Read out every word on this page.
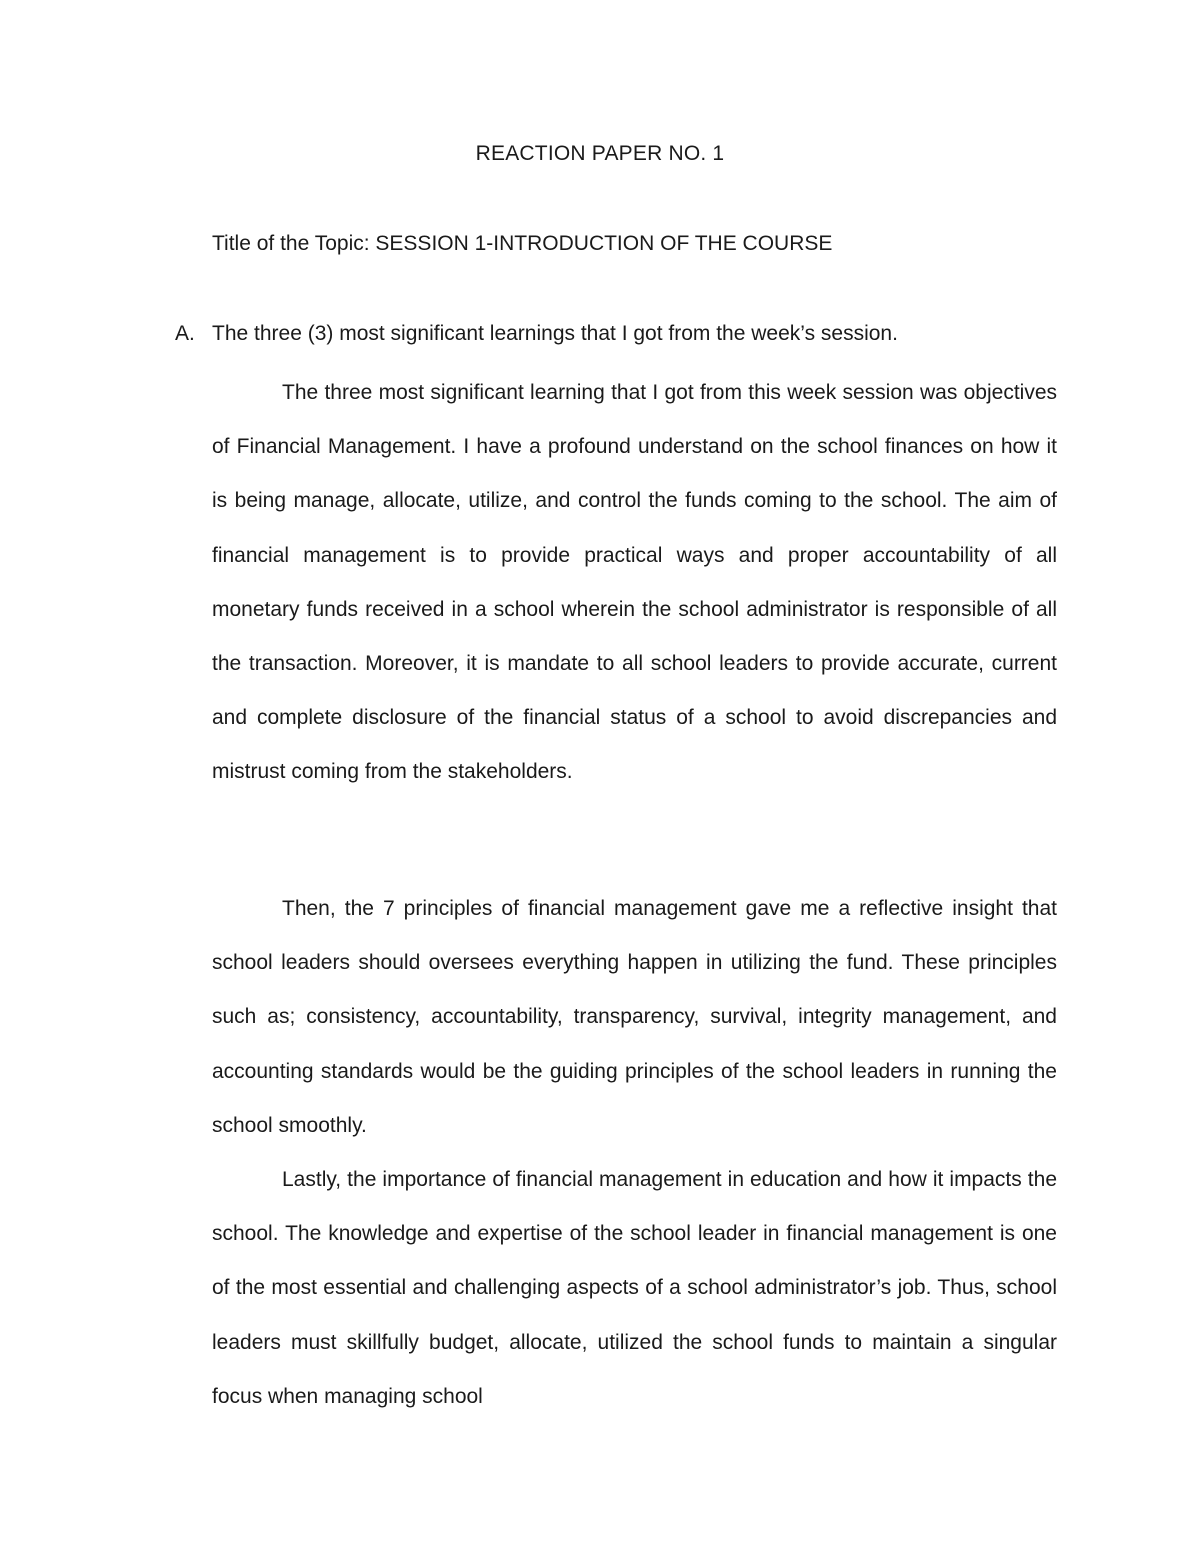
REACTION PAPER NO. 1
Title of the Topic: SESSION 1-INTRODUCTION OF THE COURSE
A. The three (3) most significant learnings that I got from the week’s session.

The three most significant learning that I got from this week session was objectives of Financial Management. I have a profound understand on the school finances on how it is being manage, allocate, utilize, and control the funds coming to the school. The aim of financial management is to provide practical ways and proper accountability of all monetary funds received in a school wherein the school administrator is responsible of all the transaction. Moreover, it is mandate to all school leaders to provide accurate, current and complete disclosure of the financial status of a school to avoid discrepancies and mistrust coming from the stakeholders.

Then, the 7 principles of financial management gave me a reflective insight that school leaders should oversees everything happen in utilizing the fund. These principles such as; consistency, accountability, transparency, survival, integrity management, and accounting standards would be the guiding principles of the school leaders in running the school smoothly.

Lastly, the importance of financial management in education and how it impacts the school. The knowledge and expertise of the school leader in financial management is one of the most essential and challenging aspects of a school administrator’s job. Thus, school leaders must skillfully budget, allocate, utilized the school funds to maintain a singular focus when managing school
